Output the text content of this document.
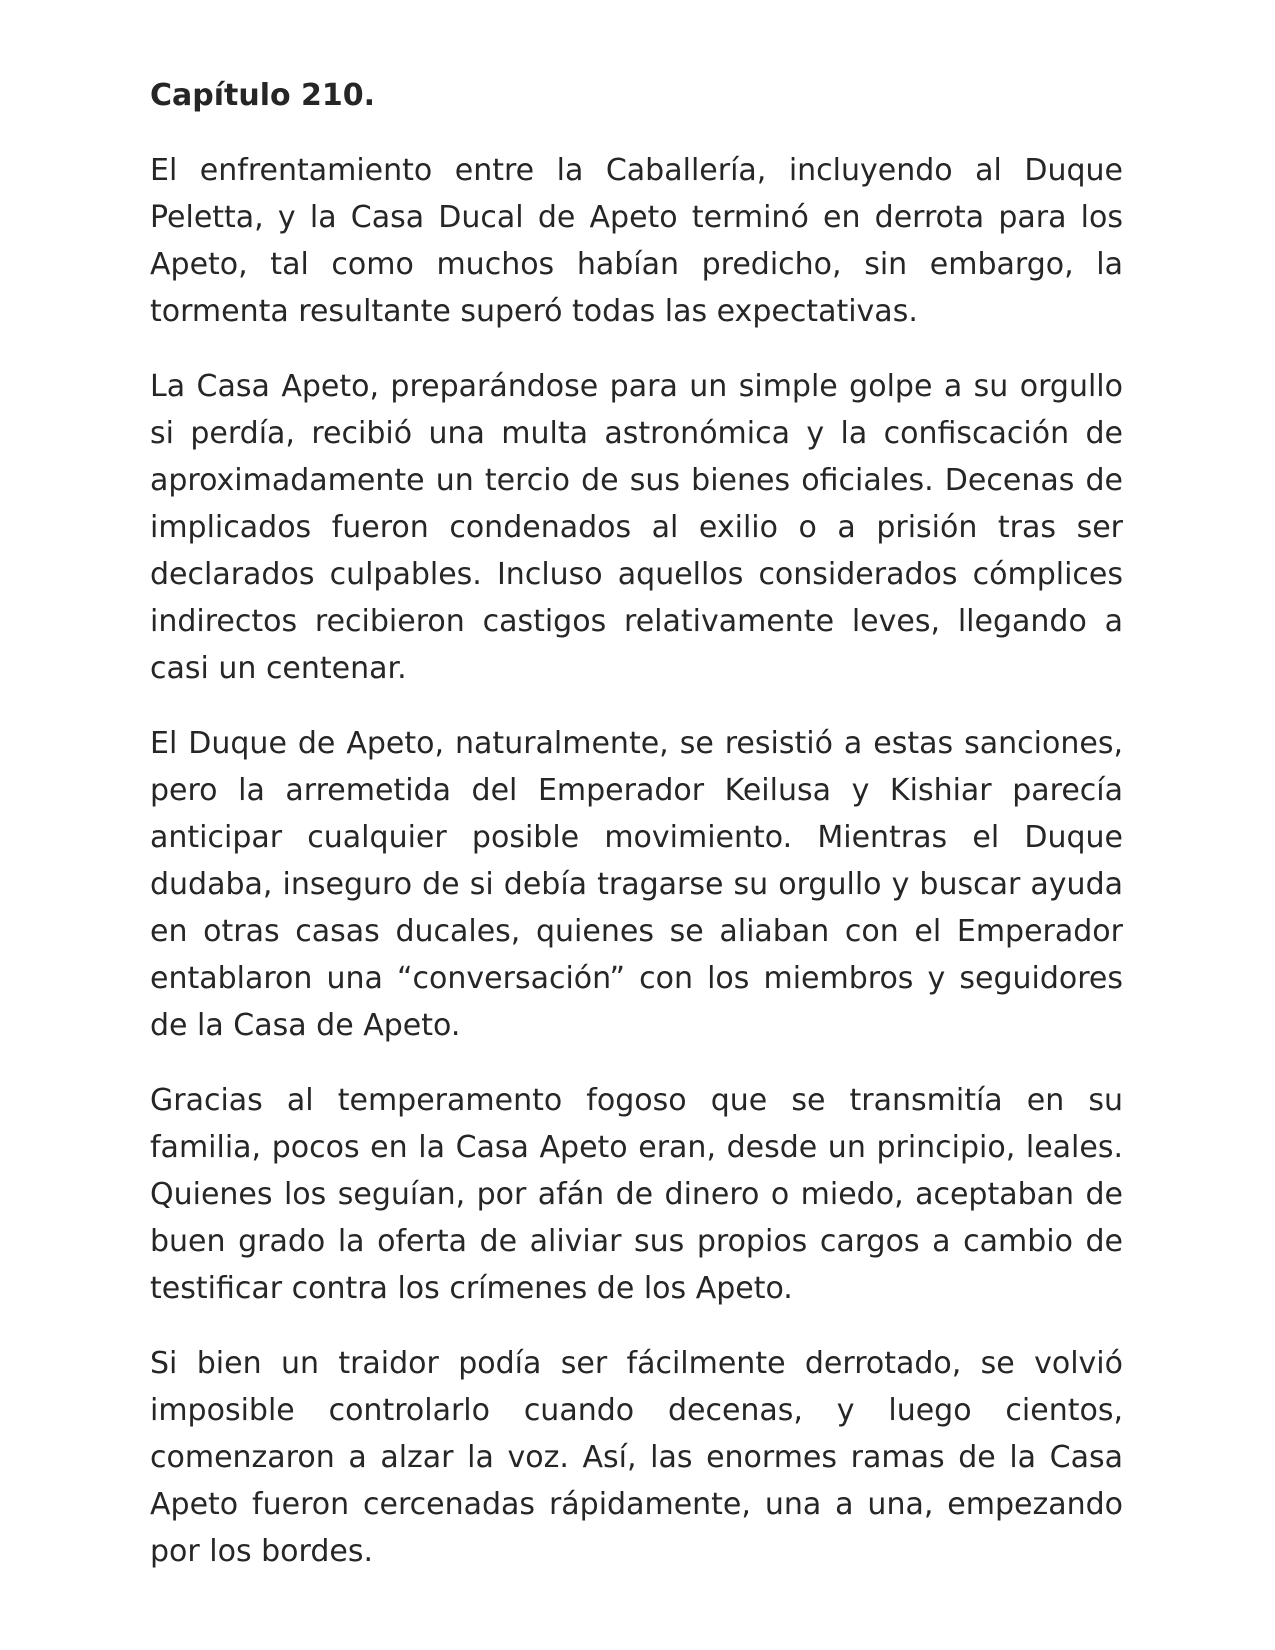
Capítulo 210.

El enfrentamiento entre la Caballería, incluyendo al Duque Peletta, y la Casa Ducal de Apeto terminó en derrota para los Apeto, tal como muchos habían predicho, sin embargo, la tormenta resultante superó todas las expectativas.

La Casa Apeto, preparándose para un simple golpe a su orgullo si perdía, recibió una multa astronómica y la confiscación de aproximadamente un tercio de sus bienes oficiales. Decenas de implicados fueron condenados al exilio o a prisión tras ser declarados culpables. Incluso aquellos considerados cómplices indirectos recibieron castigos relativamente leves, llegando a casi un centenar.

El Duque de Apeto, naturalmente, se resistió a estas sanciones, pero la arremetida del Emperador Keilusa y Kishiar parecía anticipar cualquier posible movimiento. Mientras el Duque dudaba, inseguro de si debía tragarse su orgullo y buscar ayuda en otras casas ducales, quienes se aliaban con el Emperador entablaron una “conversación” con los miembros y seguidores de la Casa de Apeto.

Gracias al temperamento fogoso que se transmitía en su familia, pocos en la Casa Apeto eran, desde un principio, leales. Quienes los seguían, por afán de dinero o miedo, aceptaban de buen grado la oferta de aliviar sus propios cargos a cambio de testificar contra los crímenes de los Apeto.

Si bien un traidor podía ser fácilmente derrotado, se volvió imposible controlarlo cuando decenas, y luego cientos, comenzaron a alzar la voz. Así, las enormes ramas de la Casa Apeto fueron cercenadas rápidamente, una a una, empezando por los bordes.
